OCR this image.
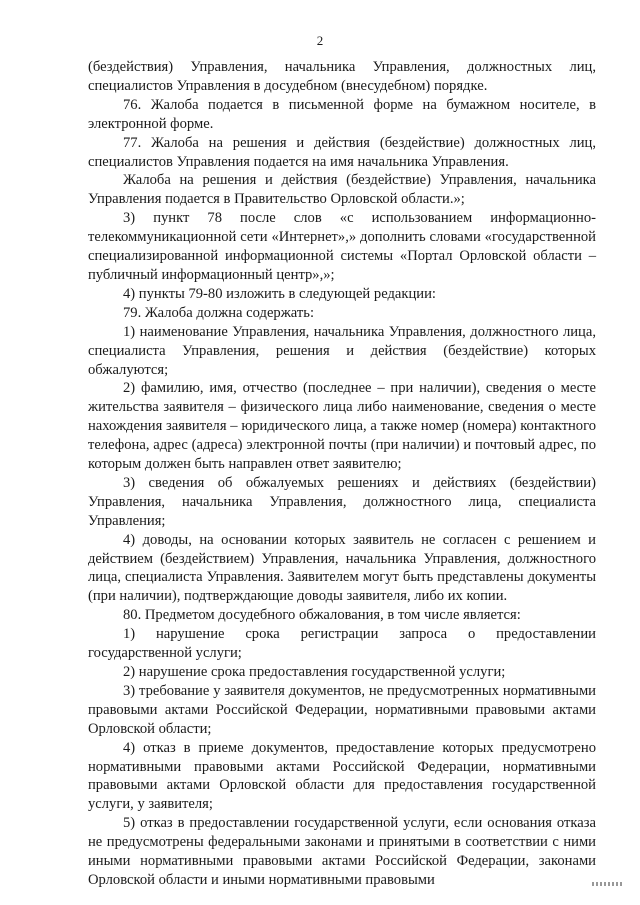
2

(бездействия) Управления, начальника Управления, должностных лиц, специалистов Управления в досудебном (внесудебном) порядке.

76. Жалоба подается в письменной форме на бумажном носителе, в электронной форме.

77. Жалоба на решения и действия (бездействие) должностных лиц, специалистов Управления подается на имя начальника Управления.

Жалоба на решения и действия (бездействие) Управления, начальника Управления подается в Правительство Орловской области.»;

3) пункт 78 после слов «с использованием информационно-телекоммуникационной сети «Интернет»,» дополнить словами «государственной специализированной информационной системы «Портал Орловской области – публичный информационный центр»,»;

4) пункты 79-80 изложить в следующей редакции:

79. Жалоба должна содержать:

1) наименование Управления, начальника Управления, должностного лица, специалиста Управления, решения и действия (бездействие) которых обжалуются;

2) фамилию, имя, отчество (последнее – при наличии), сведения о месте жительства заявителя – физического лица либо наименование, сведения о месте нахождения заявителя – юридического лица, а также номер (номера) контактного телефона, адрес (адреса) электронной почты (при наличии) и почтовый адрес, по которым должен быть направлен ответ заявителю;

3) сведения об обжалуемых решениях и действиях (бездействии) Управления, начальника Управления, должностного лица, специалиста Управления;

4) доводы, на основании которых заявитель не согласен с решением и действием (бездействием) Управления, начальника Управления, должностного лица, специалиста Управления. Заявителем могут быть представлены документы (при наличии), подтверждающие доводы заявителя, либо их копии.

80. Предметом досудебного обжалования, в том числе является:

1) нарушение срока регистрации запроса о предоставлении государственной услуги;

2) нарушение срока предоставления государственной услуги;

3) требование у заявителя документов, не предусмотренных нормативными правовыми актами Российской Федерации, нормативными правовыми актами Орловской области;

4) отказ в приеме документов, предоставление которых предусмотрено нормативными правовыми актами Российской Федерации, нормативными правовыми актами Орловской области для предоставления государственной услуги, у заявителя;

5) отказ в предоставлении государственной услуги, если основания отказа не предусмотрены федеральными законами и принятыми в соответствии с ними иными нормативными правовыми актами Российской Федерации, законами Орловской области и иными нормативными правовыми
